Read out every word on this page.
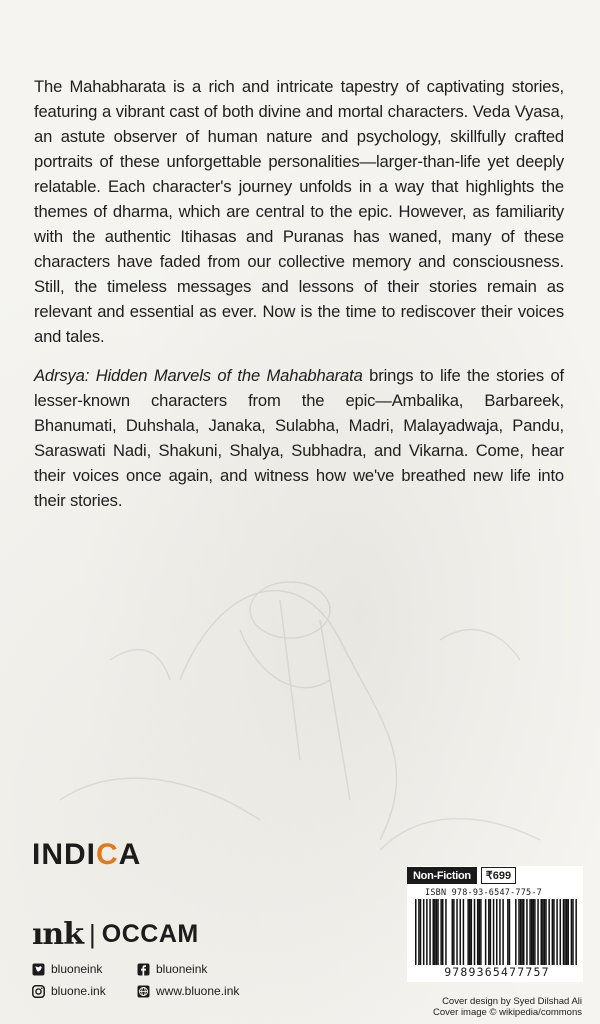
The Mahabharata is a rich and intricate tapestry of captivating stories, featuring a vibrant cast of both divine and mortal characters. Veda Vyasa, an astute observer of human nature and psychology, skillfully crafted portraits of these unforgettable personalities—larger-than-life yet deeply relatable. Each character's journey unfolds in a way that highlights the themes of dharma, which are central to the epic. However, as familiarity with the authentic Itihasas and Puranas has waned, many of these characters have faded from our collective memory and consciousness. Still, the timeless messages and lessons of their stories remain as relevant and essential as ever. Now is the time to rediscover their voices and tales.

Adrsya: Hidden Marvels of the Mahabharata brings to life the stories of lesser-known characters from the epic—Ambalika, Barbareek, Bhanumati, Duhshala, Janaka, Sulabha, Madri, Malayadwaja, Pandu, Saraswati Nadi, Shakuni, Shalya, Subhadra, and Vikarna. Come, hear their voices once again, and witness how we've breathed new life into their stories.

INDICA
ınk | OCCAM
bluoneink	bluoneink
bluone.ink	www.bluone.ink
Non-Fiction	₹699
ISBN 978-93-6547-775-7
9789365477757
Cover design by Syed Dilshad Ali
Cover image © wikipedia/commons
